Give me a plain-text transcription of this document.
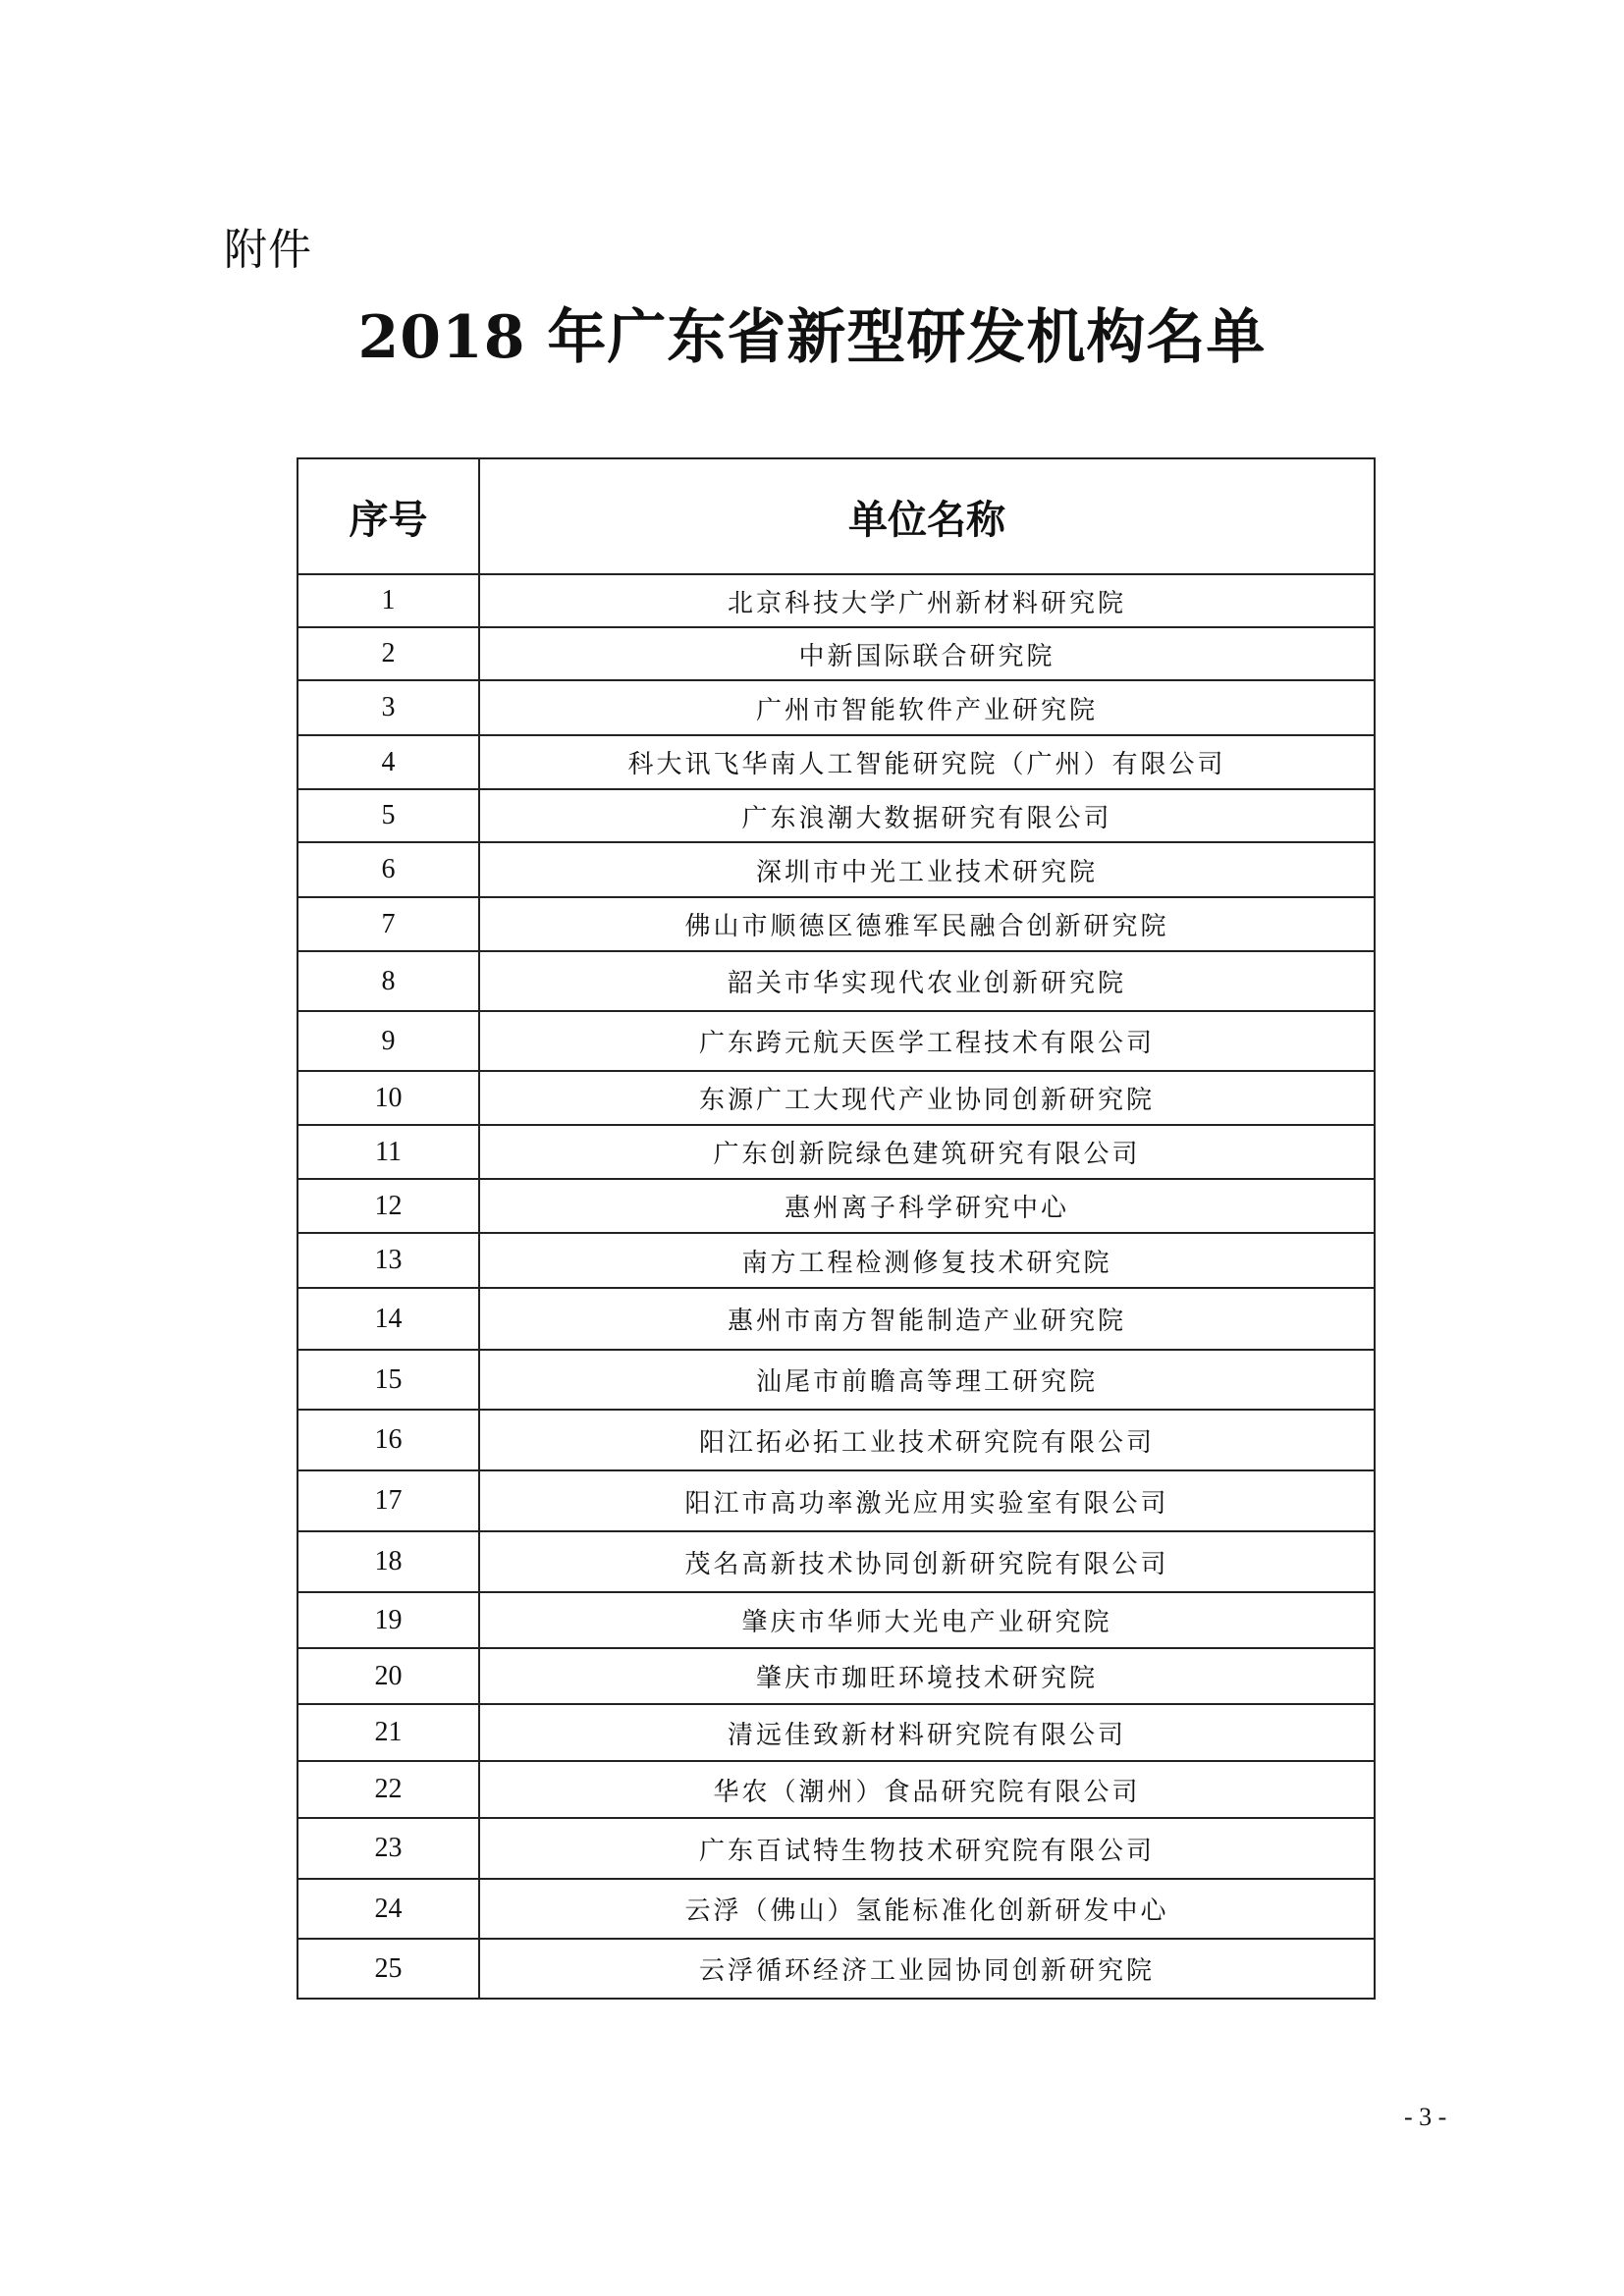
附件
2018 年广东省新型研发机构名单
序号	单位名称
1	北京科技大学广州新材料研究院
2	中新国际联合研究院
3	广州市智能软件产业研究院
4	科大讯飞华南人工智能研究院（广州）有限公司
5	广东浪潮大数据研究有限公司
6	深圳市中光工业技术研究院
7	佛山市顺德区德雅军民融合创新研究院
8	韶关市华实现代农业创新研究院
9	广东跨元航天医学工程技术有限公司
10	东源广工大现代产业协同创新研究院
11	广东创新院绿色建筑研究有限公司
12	惠州离子科学研究中心
13	南方工程检测修复技术研究院
14	惠州市南方智能制造产业研究院
15	汕尾市前瞻高等理工研究院
16	阳江拓必拓工业技术研究院有限公司
17	阳江市高功率激光应用实验室有限公司
18	茂名高新技术协同创新研究院有限公司
19	肇庆市华师大光电产业研究院
20	肇庆市珈旺环境技术研究院
21	清远佳致新材料研究院有限公司
22	华农（潮州）食品研究院有限公司
23	广东百试特生物技术研究院有限公司
24	云浮（佛山）氢能标准化创新研发中心
25	云浮循环经济工业园协同创新研究院
- 3 -
